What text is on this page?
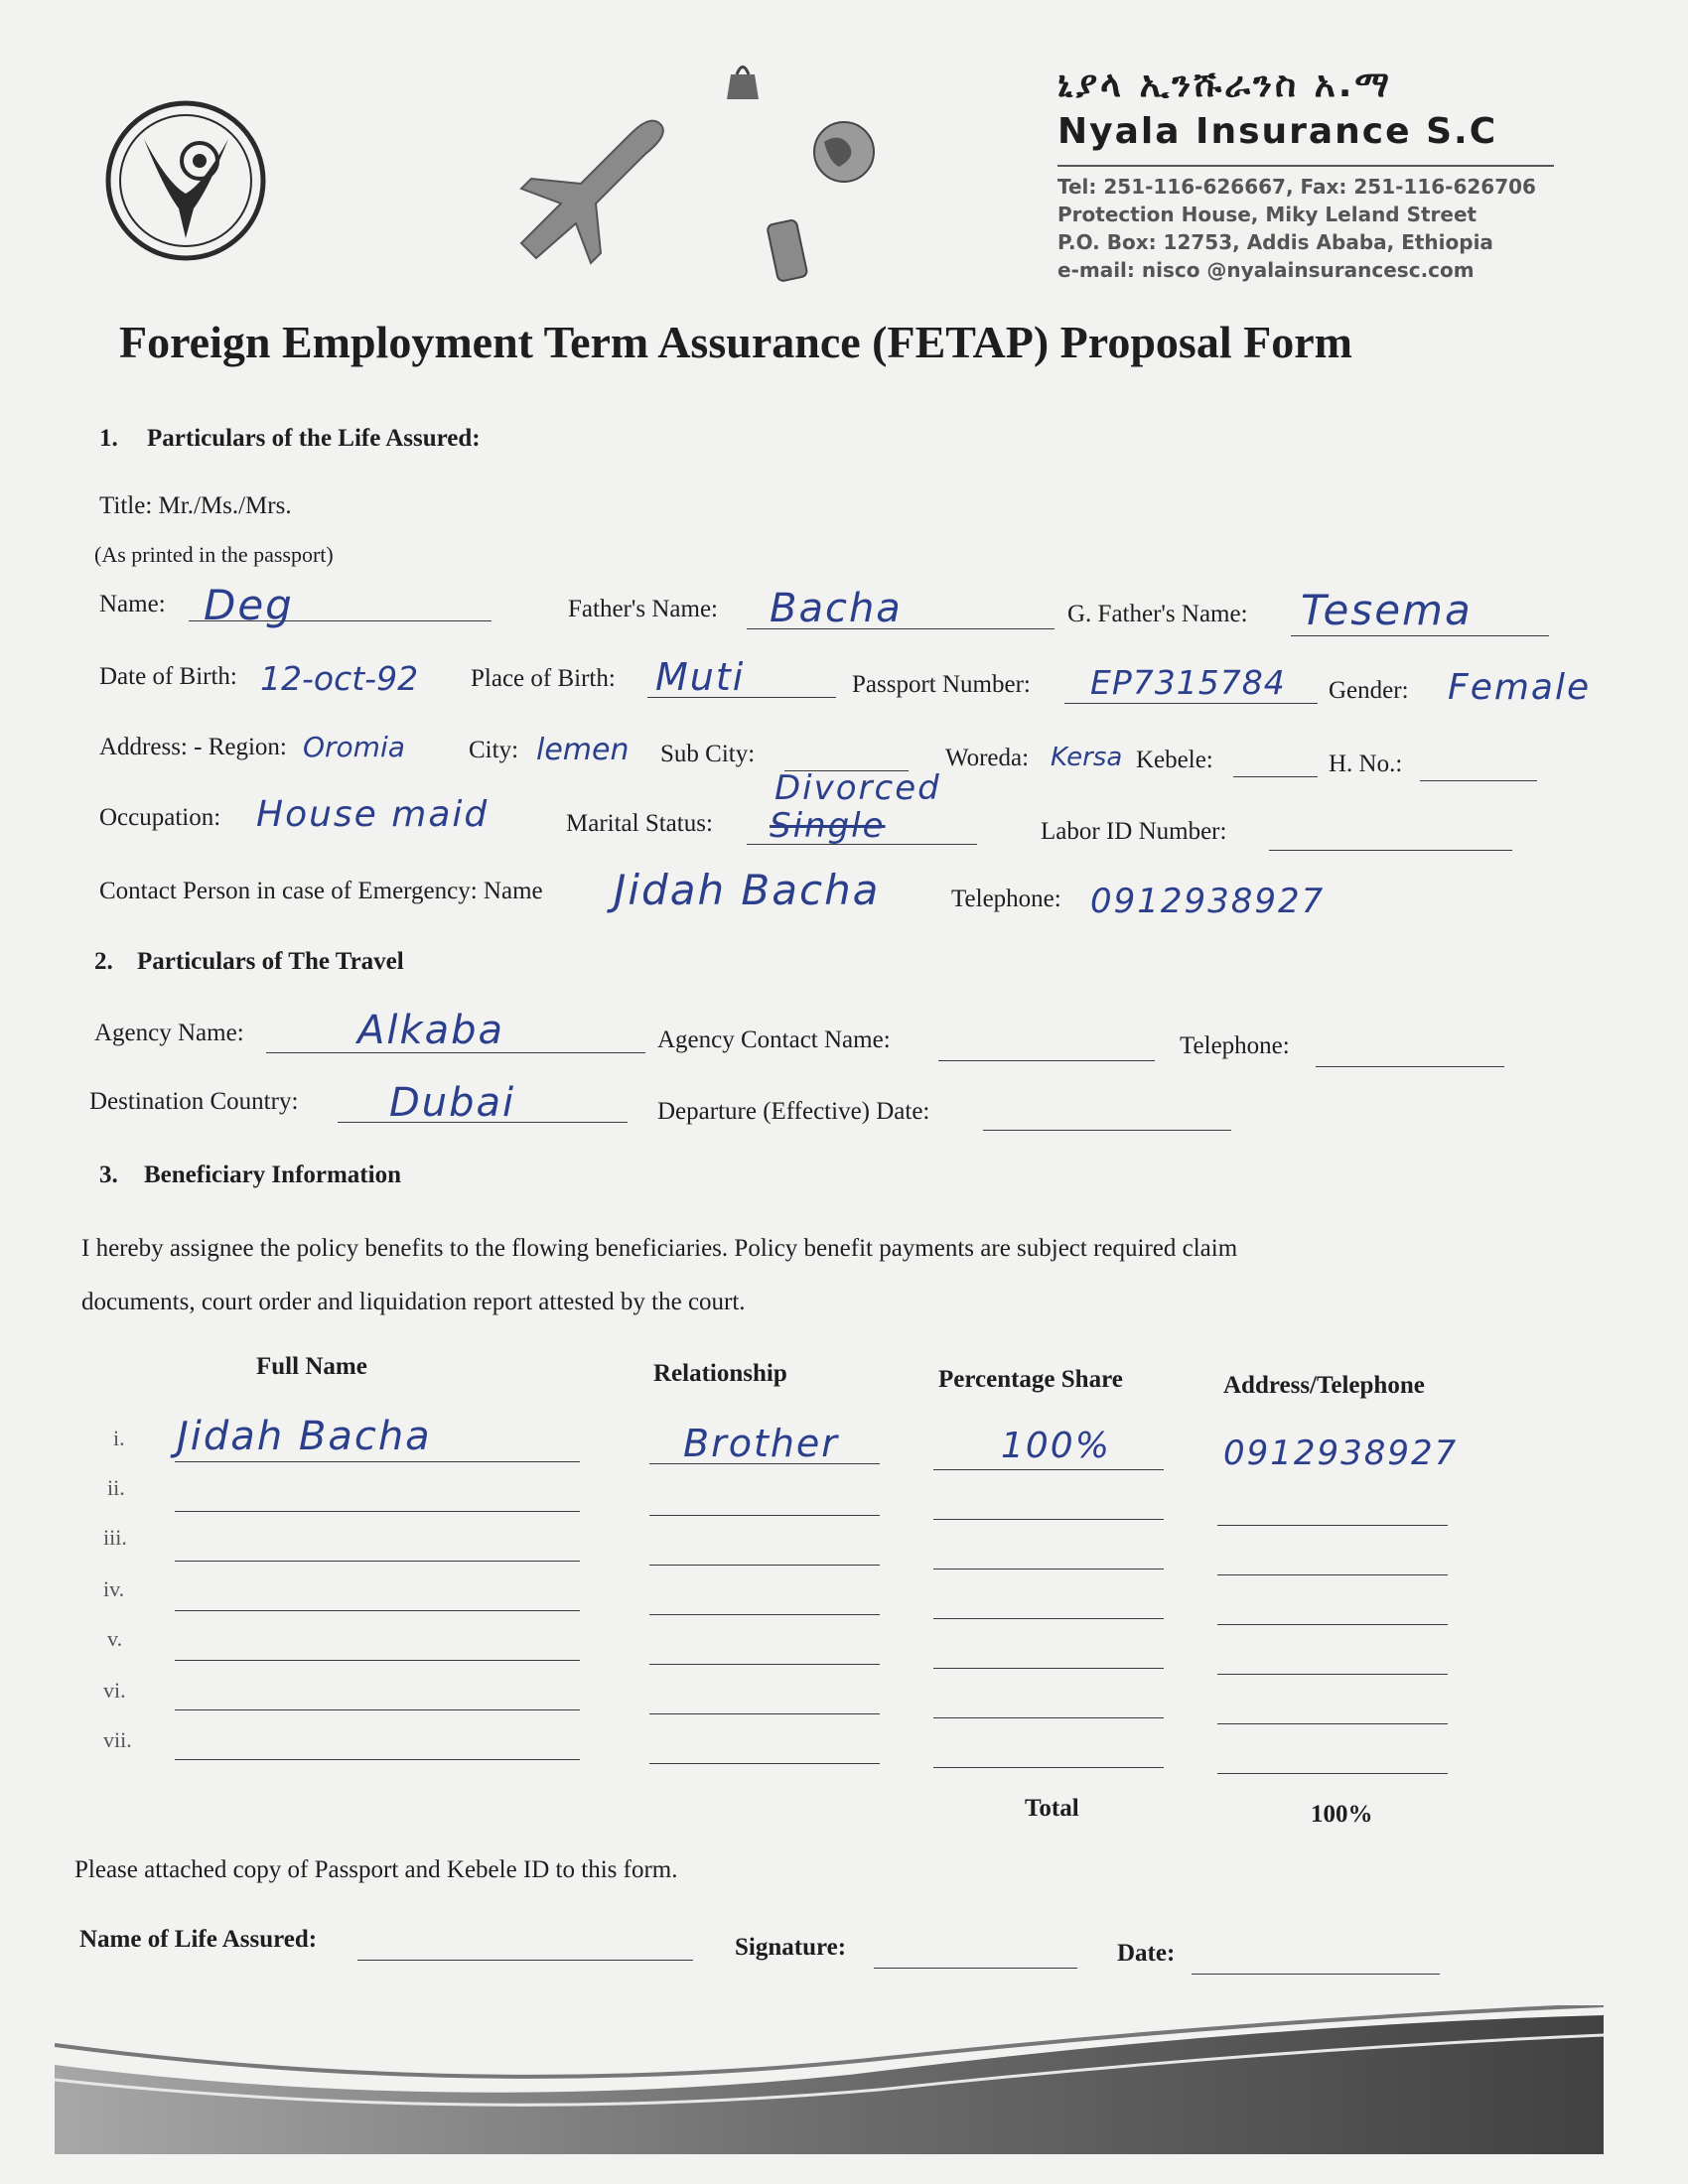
ኒያላ ኢንሹራንስ አ.ማ
Nyala Insurance S.C
Tel: 251-116-626667, Fax: 251-116-626706
Protection House, Miky Leland Street
P.O. Box: 12753, Addis Ababa, Ethiopia
e-mail: nisco @nyalainsurancesc.com
Foreign Employment Term Assurance (FETAP) Proposal Form
1. Particulars of the Life Assured:
Title: Mr./Ms./Mrs.
(As printed in the passport)
Name: Deg	Father's Name: Bacha	G. Father's Name: Tesema
Date of Birth: 12-oct-92 Place of Birth: Muti	Passport Number: EP7315784 Gender: Female
Address: - Region: Oromia	City: lemen Sub City:	Woreda: Kersa Kebele:	H. No.:
Occupation: House maid	Marital Status:
Divorced
Single	Labor ID Number:
Contact Person in case of Emergency: Name Jidah Bacha	Telephone: 0912938927
2. Particulars of The Travel
Agency Name:	Alkaba	Agency Contact Name:	Telephone:
Destination Country: Dubai	Departure (Effective) Date:
3. Beneficiary Information
I hereby assignee the policy benefits to the flowing beneficiaries. Policy benefit payments are subject required claim
documents, court order and liquidation report attested by the court.
Full Name	Relationship	Percentage Share	Address/Telephone
i. Jidah Bacha	Brother	100%	0912938927
ii.
iii.
iv.
v.
vi.
vii.
Total	100%
Please attached copy of Passport and Kebele ID to this form.
Name of Life Assured:	Signature:	Date:
